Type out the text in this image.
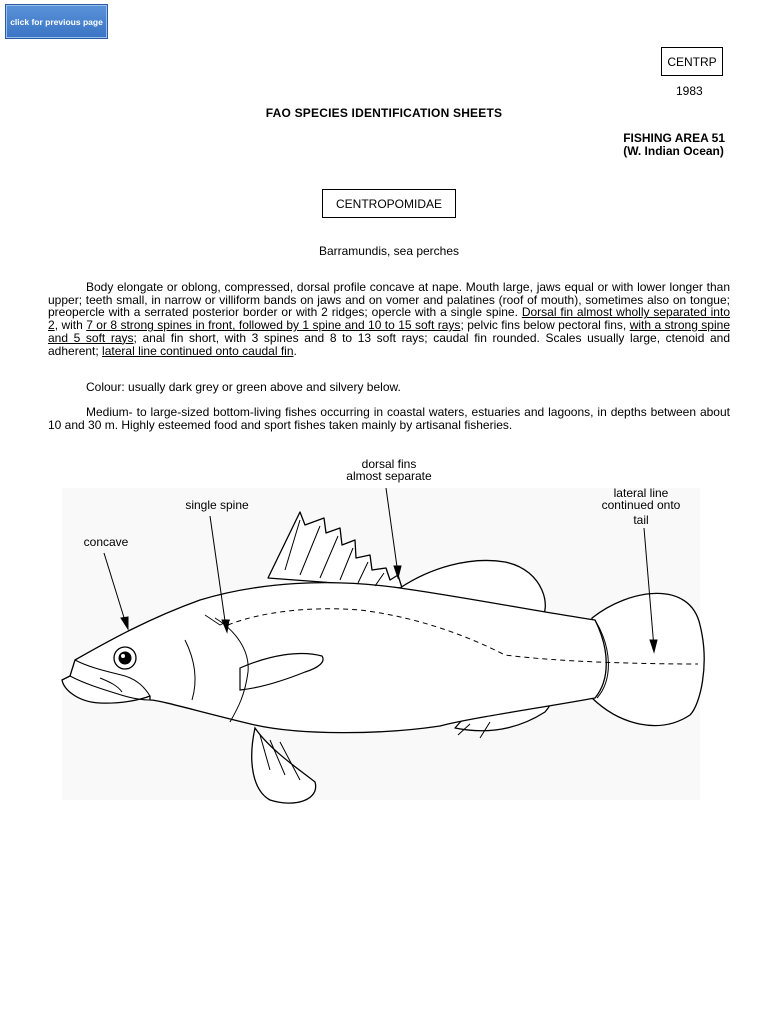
click for previous page
CENTRP
1983
FAO SPECIES IDENTIFICATION SHEETS
FISHING AREA 51
(W. Indian Ocean)
CENTROPOMIDAE
Barramundis, sea perches

Body elongate or oblong, compressed, dorsal profile concave at nape. Mouth large, jaws equal or with lower longer than upper; teeth small, in narrow or villiform bands on jaws and on vomer and palatines (roof of mouth), sometimes also on tongue; preopercle with a serrated posterior border or with 2 ridges; opercle with a single spine. Dorsal fin almost wholly separated into 2, with 7 or 8 strong spines in front, followed by 1 spine and 10 to 15 soft rays; pelvic fins below pectoral fins, with a strong spine and 5 soft rays; anal fin short, with 3 spines and 8 to 13 soft rays; caudal fin rounded. Scales usually large, ctenoid and adherent; lateral line continued onto caudal fin.

Colour: usually dark grey or green above and silvery below.

Medium- to large-sized bottom-living fishes occurring in coastal waters, estuaries and lagoons, in depths between about 10 and 30 m. Highly esteemed food and sport fishes taken mainly by artisanal fisheries.

dorsal fins
almost separate
single spine
concave
lateral line
continued onto
tail
